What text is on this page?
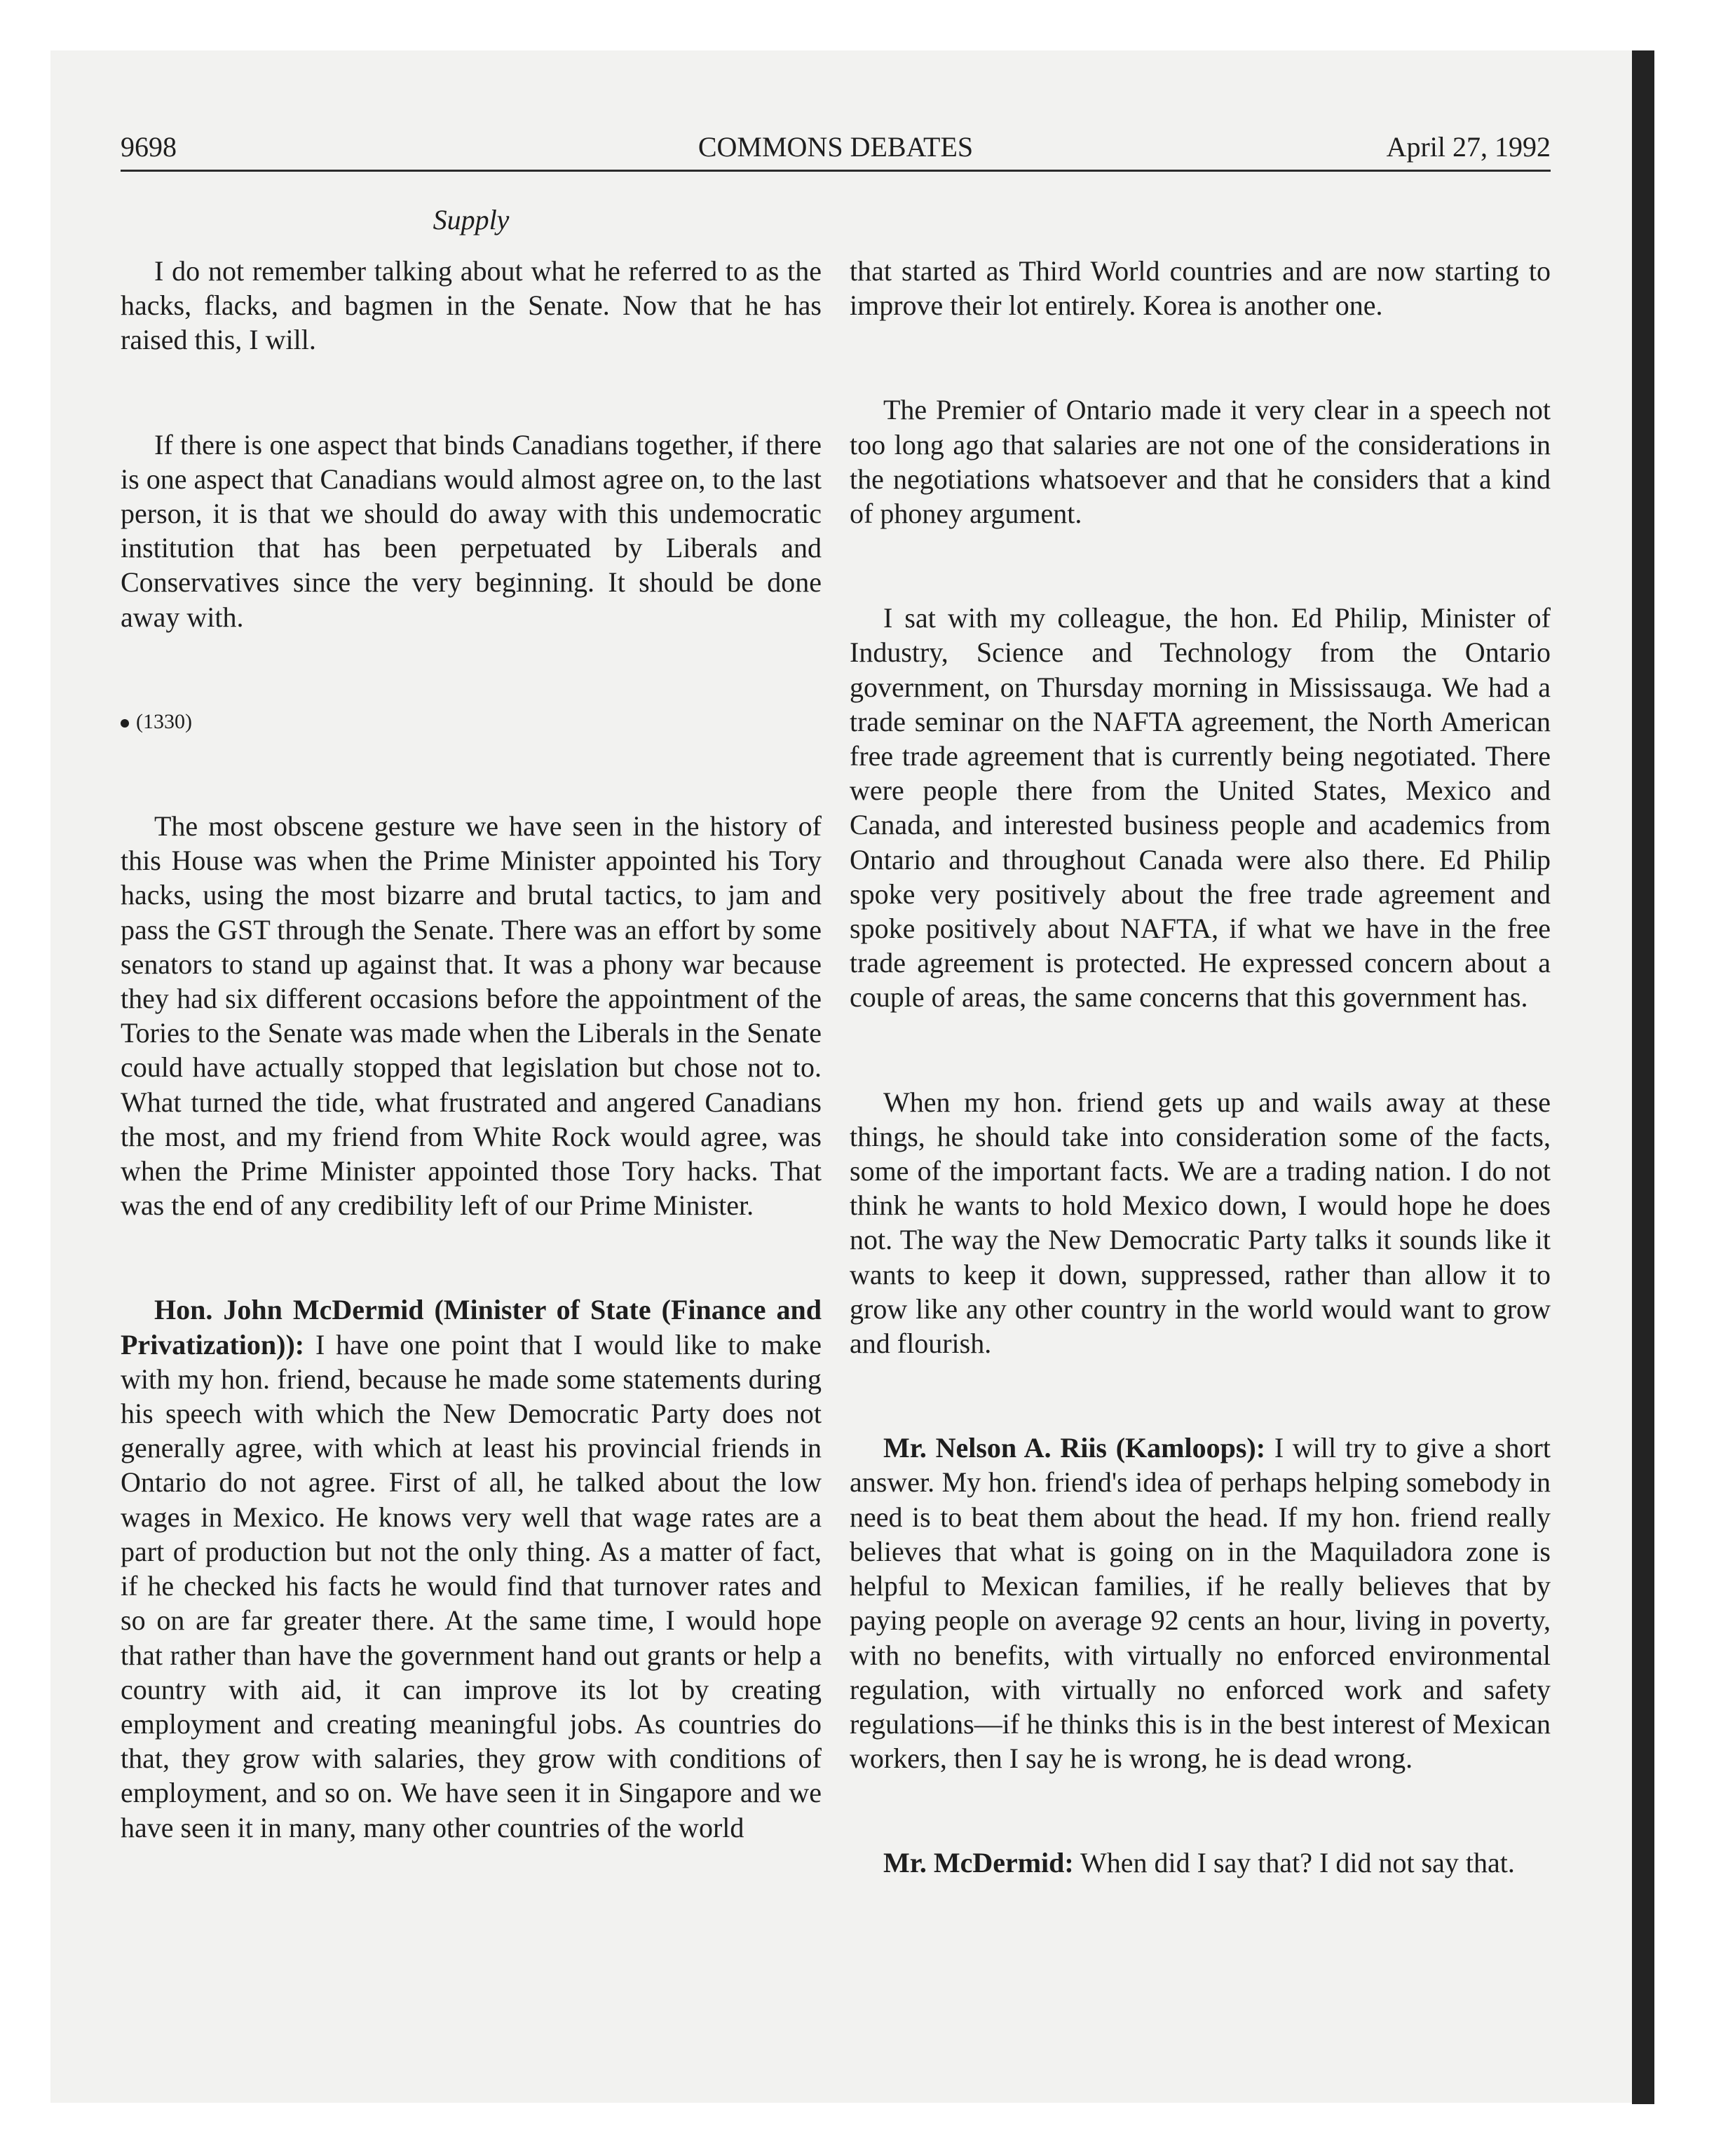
9698	COMMONS DEBATES	April 27, 1992
Supply

I do not remember talking about what he referred to as the hacks, flacks, and bagmen in the Senate. Now that he has raised this, I will.

If there is one aspect that binds Canadians together, if there is one aspect that Canadians would almost agree on, to the last person, it is that we should do away with this undemocratic institution that has been perpetuated by Liberals and Conservatives since the very beginning. It should be done away with.

(1330)

The most obscene gesture we have seen in the history of this House was when the Prime Minister appointed his Tory hacks, using the most bizarre and brutal tactics, to jam and pass the GST through the Senate. There was an effort by some senators to stand up against that. It was a phony war because they had six different occasions before the appointment of the Tories to the Senate was made when the Liberals in the Senate could have actually stopped that legislation but chose not to. What turned the tide, what frustrated and angered Canadians the most, and my friend from White Rock would agree, was when the Prime Minister appointed those Tory hacks. That was the end of any credibility left of our Prime Minister.

Hon. John McDermid (Minister of State (Finance and Privatization)): I have one point that I would like to make with my hon. friend, because he made some statements during his speech with which the New Democratic Party does not generally agree, with which at least his provincial friends in Ontario do not agree. First of all, he talked about the low wages in Mexico. He knows very well that wage rates are a part of production but not the only thing. As a matter of fact, if he checked his facts he would find that turnover rates and so on are far greater there. At the same time, I would hope that rather than have the government hand out grants or help a country with aid, it can improve its lot by creating employment and creating meaningful jobs. As countries do that, they grow with salaries, they grow with conditions of employment, and so on. We have seen it in Singapore and we have seen it in many, many other countries of the world

that started as Third World countries and are now starting to improve their lot entirely. Korea is another one.

The Premier of Ontario made it very clear in a speech not too long ago that salaries are not one of the considerations in the negotiations whatsoever and that he considers that a kind of phoney argument.

I sat with my colleague, the hon. Ed Philip, Minister of Industry, Science and Technology from the Ontario government, on Thursday morning in Mississauga. We had a trade seminar on the NAFTA agreement, the North American free trade agreement that is currently being negotiated. There were people there from the United States, Mexico and Canada, and interested business people and academics from Ontario and throughout Canada were also there. Ed Philip spoke very positively about the free trade agreement and spoke positively about NAFTA, if what we have in the free trade agreement is protected. He expressed concern about a couple of areas, the same concerns that this government has.

When my hon. friend gets up and wails away at these things, he should take into consideration some of the facts, some of the important facts. We are a trading nation. I do not think he wants to hold Mexico down, I would hope he does not. The way the New Democratic Party talks it sounds like it wants to keep it down, suppressed, rather than allow it to grow like any other country in the world would want to grow and flourish.

Mr. Nelson A. Riis (Kamloops): I will try to give a short answer. My hon. friend's idea of perhaps helping somebody in need is to beat them about the head. If my hon. friend really believes that what is going on in the Maquiladora zone is helpful to Mexican families, if he really believes that by paying people on average 92 cents an hour, living in poverty, with no benefits, with virtually no enforced environmental regulation, with virtually no enforced work and safety regulations—if he thinks this is in the best interest of Mexican workers, then I say he is wrong, he is dead wrong.

Mr. McDermid: When did I say that? I did not say that.
